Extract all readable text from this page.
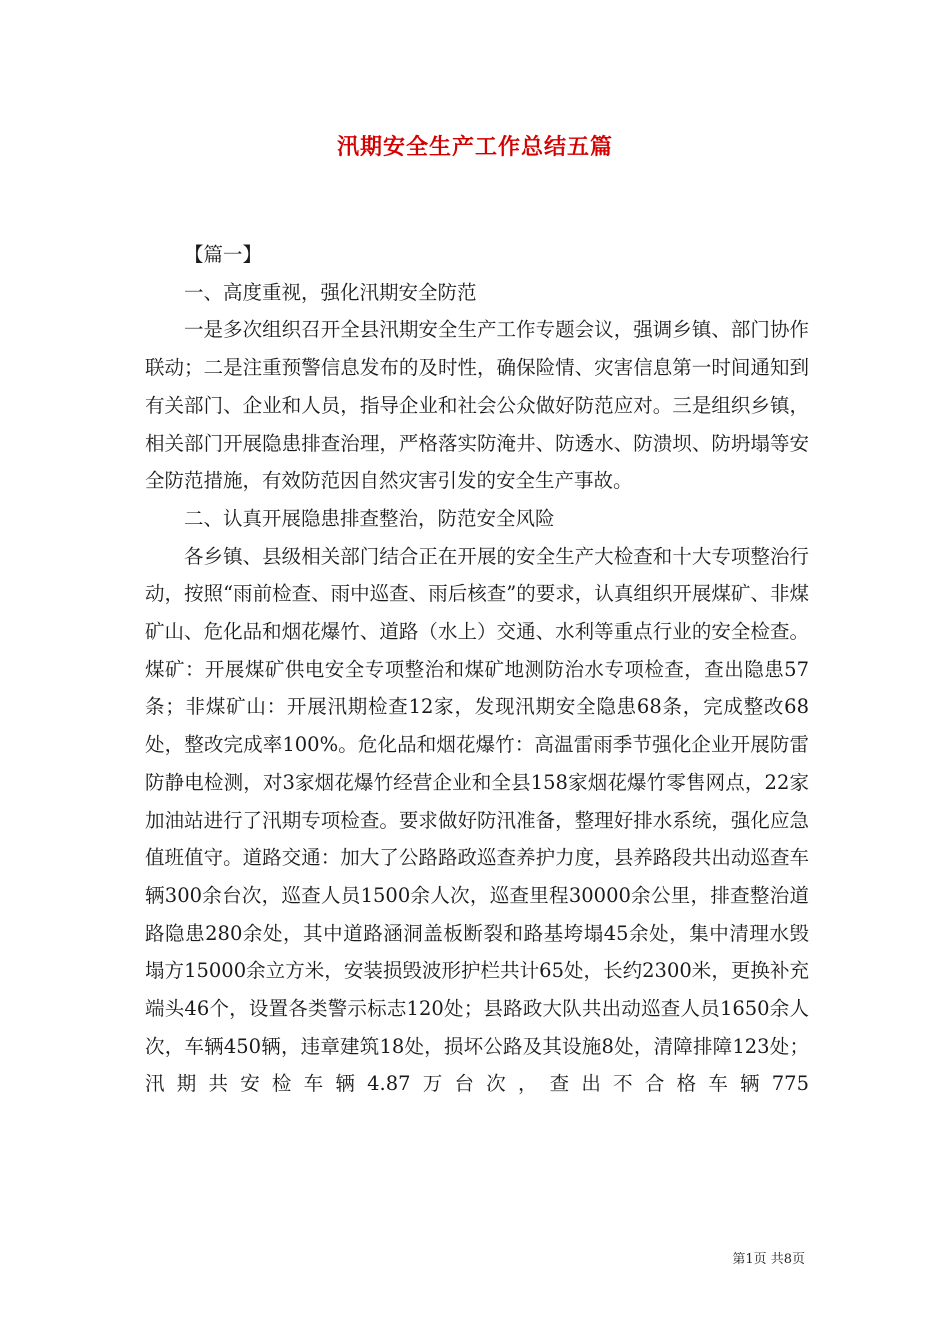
汛期安全生产工作总结五篇

【篇一】

一、高度重视，强化汛期安全防范

一是多次组织召开全县汛期安全生产工作专题会议，强调乡镇、部门协作联动；二是注重预警信息发布的及时性，确保险情、灾害信息第一时间通知到有关部门、企业和人员，指导企业和社会公众做好防范应对。三是组织乡镇，相关部门开展隐患排查治理，严格落实防淹井、防透水、防溃坝、防坍塌等安全防范措施，有效防范因自然灾害引发的安全生产事故。

二、认真开展隐患排查整治，防范安全风险

各乡镇、县级相关部门结合正在开展的安全生产大检查和十大专项整治行动，按照“雨前检查、雨中巡查、雨后核查”的要求，认真组织开展煤矿、非煤矿山、危化品和烟花爆竹、道路（水上）交通、水利等重点行业的安全检查。煤矿：开展煤矿供电安全专项整治和煤矿地测防治水专项检查，查出隐患57条；非煤矿山：开展汛期检查12家，发现汛期安全隐患68条，完成整改68处，整改完成率100%。危化品和烟花爆竹：高温雷雨季节强化企业开展防雷防静电检测，对3家烟花爆竹经营企业和全县158家烟花爆竹零售网点，22家加油站进行了汛期专项检查。要求做好防汛准备，整理好排水系统，强化应急值班值守。道路交通：加大了公路路政巡查养护力度，县养路段共出动巡查车辆300余台次，巡查人员1500余人次，巡查里程30000余公里，排查整治道路隐患280余处，其中道路涵洞盖板断裂和路基垮塌45余处，集中清理水毁塌方15000余立方米，安装损毁波形护栏共计65处，长约2300米，更换补充端头46个，设置各类警示标志120处；县路政大队共出动巡查人员1650余人次，车辆450辆，违章建筑18处，损坏公路及其设施8处，清障排障123处；汛期共安检车辆4.87万台次，查出不合格车辆775

第1页 共8页
